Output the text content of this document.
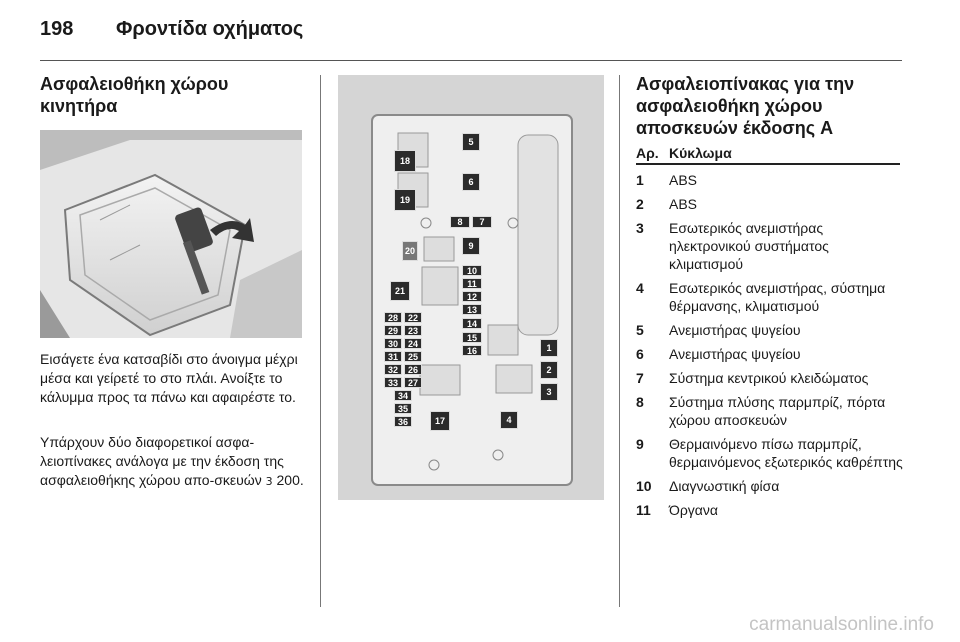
198 Φροντίδα οχήματος
Ασφαλειοθήκη χώρου κινητήρα

Εισάγετε ένα κατσαβίδι στο άνοιγμα μέχρι μέσα και γείρετέ το στο πλάι. Ανοίξτε το κάλυμμα προς τα πάνω και αφαιρέστε το.

Υπάρχουν δύο διαφορετικοί ασφα-λειοπίνακες ανάλογα με την έκδοση της ασφαλειοθήκης χώρου απο-σκευών 3 200.

5
6
18
19
8	7
20	9
10
11
12
13
21
14
15
16
28	22
29	23
30	24
31	25
32	26
33	27
34
35
36
1
2
3
17	4
Ασφαλειοπίνακας για την ασφαλειοθήκη χώρου αποσκευών έκδοσης A
Αρ. Κύκλωμα
1	ABS
2	ABS
3	Εσωτερικός ανεμιστήρας ηλεκτρονικού συστήματος κλιματισμού
4	Εσωτερικός ανεμιστήρας, σύστημα θέρμανσης, κλιματισμού
5	Ανεμιστήρας ψυγείου
6	Ανεμιστήρας ψυγείου
7	Σύστημα κεντρικού κλειδώματος
8	Σύστημα πλύσης παρμπρίζ, πόρτα χώρου αποσκευών
9	Θερμαινόμενο πίσω παρμπρίζ, θερμαινόμενος εξωτερικός καθρέπτης
10	Διαγνωστική φίσα
11	Όργανα
carmanualsonline.info
